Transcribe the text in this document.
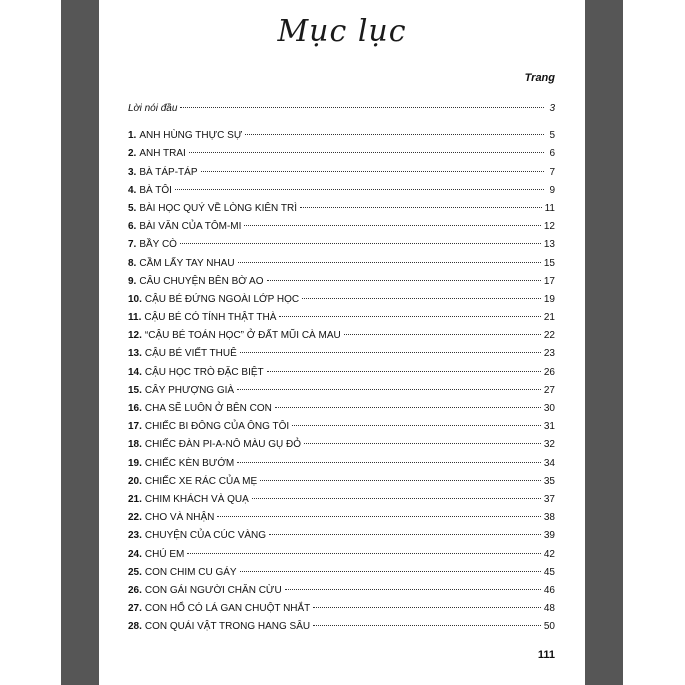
Mục lục
Trang
Lời nói đầu	3
1. ANH HÙNG THỰC SỰ	5
2. ANH TRAI	6
3. BÀ TÁP-TÁP	7
4. BÀ TÔI	9
5. BÀI HỌC QUÝ VỀ LÒNG KIÊN TRÌ	11
6. BÀI VĂN CỦA TÔM-MI	12
7. BẦY CÒ	13
8. CẦM LẤY TAY NHAU	15
9. CÂU CHUYỆN BÊN BỜ AO	17
10. CẬU BÉ ĐỨNG NGOÀI LỚP HỌC	19
11. CẬU BÉ CÓ TÍNH THẬT THÀ	21
12. “CẬU BÉ TOÁN HỌC” Ở ĐẤT MŨI CÀ MAU	22
13. CẬU BÉ VIẾT THUÊ	23
14. CẬU HỌC TRÒ ĐẶC BIỆT	26
15. CÂY PHƯỢNG GIÀ	27
16. CHA SẼ LUÔN Ở BÊN CON	30
17. CHIẾC BI ĐÔNG CỦA ÔNG TÔI	31
18. CHIẾC ĐÀN PI-A-NÔ MÀU GỤ ĐỎ	32
19. CHIẾC KÈN BƯỚM	34
20. CHIẾC XE RÁC CỦA MẸ	35
21. CHIM KHÁCH VÀ QUẠ	37
22. CHO VÀ NHẬN	38
23. CHUYỆN CỦA CÚC VÀNG	39
24. CHÚ EM	42
25. CON CHIM CU GÁY	45
26. CON GÁI NGƯỜI CHĂN CỪU	46
27. CON HỔ CÓ LÁ GAN CHUỘT NHẮT	48
28. CON QUÁI VẬT TRONG HANG SÂU	50
111
